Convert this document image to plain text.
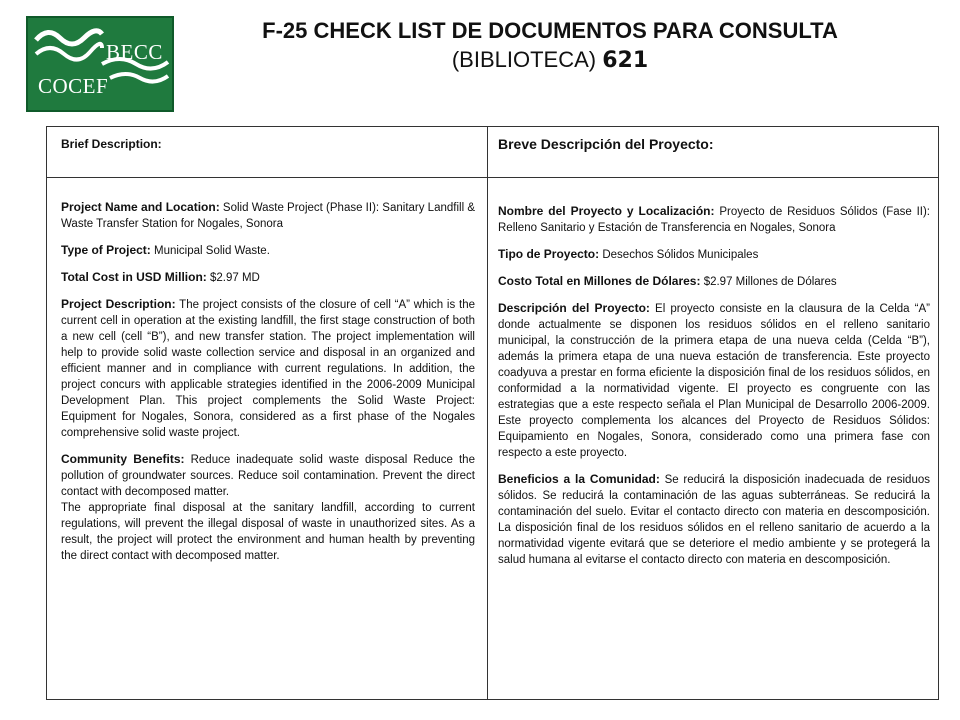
BECC
COCEF
F-25 CHECK LIST DE DOCUMENTOS PARA CONSULTA
(BIBLIOTECA) 621
Brief Description:	Breve Descripción del Proyecto:

Project Name and Location: Solid Waste Project (Phase II): Sanitary Landfill & Waste Transfer Station for Nogales, Sonora

Type of Project: Municipal Solid Waste.

Total Cost in USD Million: $2.97 MD

Project Description: The project consists of the closure of cell “A” which is the current cell in operation at the existing landfill, the first stage construction of both a new cell (cell “B”), and new transfer station. The project implementation will help to provide solid waste collection service and disposal in an organized and efficient manner and in compliance with current regulations. In addition, the project concurs with applicable strategies identified in the 2006-2009 Municipal Development Plan. This project complements the Solid Waste Project: Equipment for Nogales, Sonora, considered as a first phase of the Nogales comprehensive solid waste project.

Community Benefits: Reduce inadequate solid waste disposal Reduce the pollution of groundwater sources. Reduce soil contamination. Prevent the direct contact with decomposed matter.

The appropriate final disposal at the sanitary landfill, according to current regulations, will prevent the illegal disposal of waste in unauthorized sites. As a result, the project will protect the environment and human health by preventing the direct contact with decomposed matter.

Nombre del Proyecto y Localización: Proyecto de Residuos Sólidos (Fase II): Relleno Sanitario y Estación de Transferencia en Nogales, Sonora

Tipo de Proyecto: Desechos Sólidos Municipales

Costo Total en Millones de Dólares: $2.97 Millones de Dólares

Descripción del Proyecto: El proyecto consiste en la clausura de la Celda “A” donde actualmente se disponen los residuos sólidos en el relleno sanitario municipal, la construcción de la primera etapa de una nueva celda (Celda “B”), además la primera etapa de una nueva estación de transferencia. Este proyecto coadyuva a prestar en forma eficiente la disposición final de los residuos sólidos, en conformidad a la normatividad vigente. El proyecto es congruente con las estrategias que a este respecto señala el Plan Municipal de Desarrollo 2006-2009. Este proyecto complementa los alcances del Proyecto de Residuos Sólidos: Equipamiento en Nogales, Sonora, considerado como una primera fase con respecto a este proyecto.

Beneficios a la Comunidad: Se reducirá la disposición inadecuada de residuos sólidos. Se reducirá la contaminación de las aguas subterráneas. Se reducirá la contaminación del suelo. Evitar el contacto directo con materia en descomposición. La disposición final de los residuos sólidos en el relleno sanitario de acuerdo a la normatividad vigente evitará que se deteriore el medio ambiente y se protegerá la salud humana al evitarse el contacto directo con materia en descomposición.
